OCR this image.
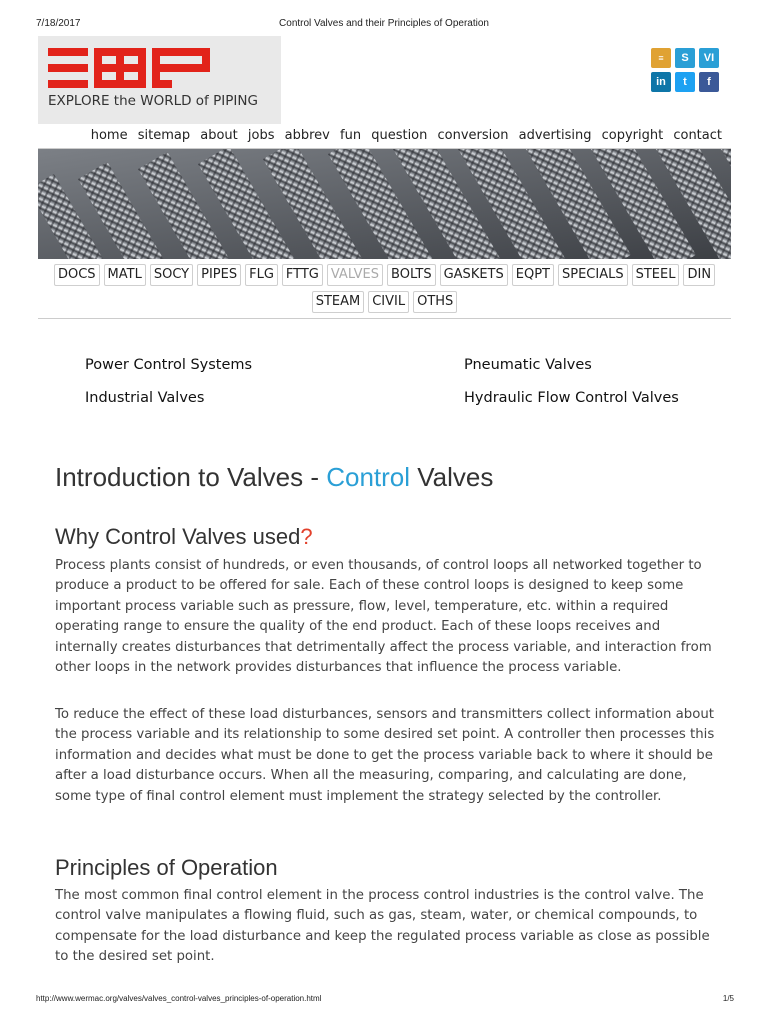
7/18/2017	Control Valves and their Principles of Operation
EXPLORE the WORLD of PIPING
≡	S	VI
in	t	f
home sitemap about jobs abbrev fun question conversion advertising copyright contact
DOCS MATL SOCY PIPES FLG FTTG VALVES BOLTS GASKETS EQPT SPECIALS STEEL DIN
STEAM CIVIL OTHS
Power Control Systems
Industrial Valves
Pneumatic Valves
Hydraulic Flow Control Valves
Introduction to Valves - Control Valves
Why Control Valves used?

Process plants consist of hundreds, or even thousands, of control loops all networked together to produce a product to be offered for sale. Each of these control loops is designed to keep some important process variable such as pressure, flow, level, temperature, etc. within a required operating range to ensure the quality of the end product. Each of these loops receives and internally creates disturbances that detrimentally affect the process variable, and interaction from other loops in the network provides disturbances that influence the process variable.

To reduce the effect of these load disturbances, sensors and transmitters collect information about the process variable and its relationship to some desired set point. A controller then processes this information and decides what must be done to get the process variable back to where it should be after a load disturbance occurs. When all the measuring, comparing, and calculating are done, some type of final control element must implement the strategy selected by the controller.

Principles of Operation

The most common final control element in the process control industries is the control valve. The control valve manipulates a flowing fluid, such as gas, steam, water, or chemical compounds, to compensate for the load disturbance and keep the regulated process variable as close as possible to the desired set point.

http://www.wermac.org/valves/valves_control-valves_principles-of-operation.html	1/5
